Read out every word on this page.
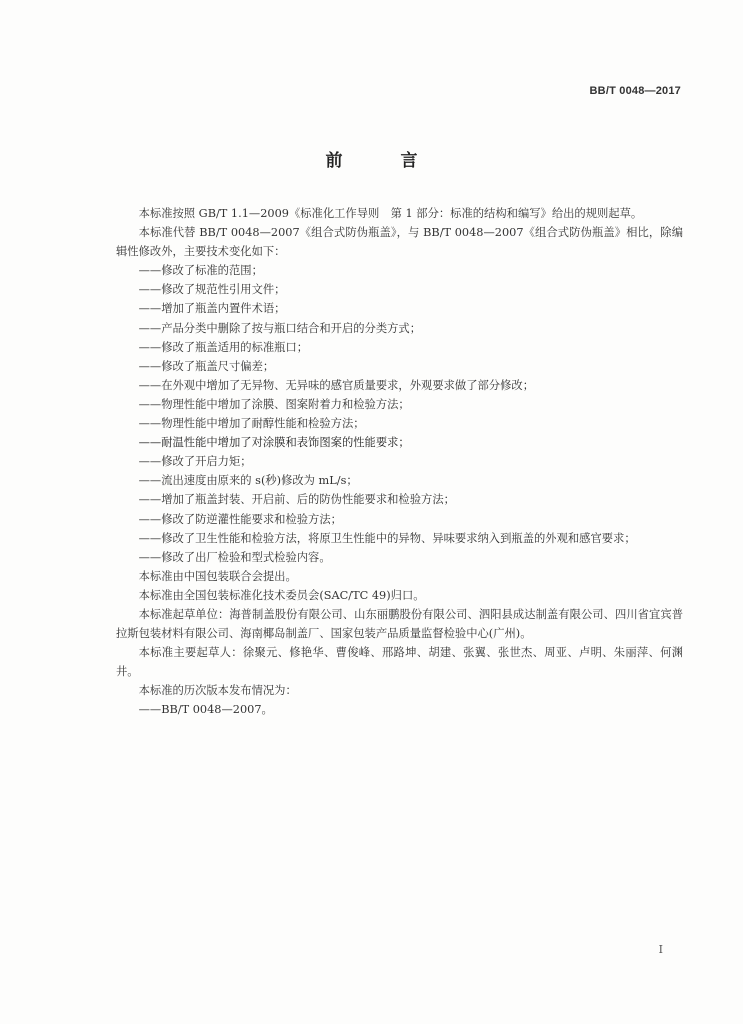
BB/T 0048—2017
前 言

本标准按照 GB/T 1.1—2009《标准化工作导则　第 1 部分：标准的结构和编写》给出的规则起草。

本标准代替 BB/T 0048—2007《组合式防伪瓶盖》，与 BB/T 0048—2007《组合式防伪瓶盖》相比，除编辑性修改外，主要技术变化如下：

——修改了标准的范围；

——修改了规范性引用文件；

——增加了瓶盖内置件术语；

——产品分类中删除了按与瓶口结合和开启的分类方式；

——修改了瓶盖适用的标准瓶口；

——修改了瓶盖尺寸偏差；

——在外观中增加了无异物、无异味的感官质量要求，外观要求做了部分修改；

——物理性能中增加了涂膜、图案附着力和检验方法；

——物理性能中增加了耐醇性能和检验方法；

——耐温性能中增加了对涂膜和表饰图案的性能要求；

——修改了开启力矩；

——流出速度由原来的 s(秒)修改为 mL/s；

——增加了瓶盖封装、开启前、后的防伪性能要求和检验方法；

——修改了防逆灌性能要求和检验方法；

——修改了卫生性能和检验方法，将原卫生性能中的异物、异味要求纳入到瓶盖的外观和感官要求；

——修改了出厂检验和型式检验内容。

本标准由中国包装联合会提出。

本标准由全国包装标准化技术委员会(SAC/TC 49)归口。

本标准起草单位：海普制盖股份有限公司、山东丽鹏股份有限公司、泗阳县成达制盖有限公司、四川省宜宾普拉斯包装材料有限公司、海南椰岛制盖厂、国家包装产品质量监督检验中心(广州)。

本标准主要起草人：徐聚元、修艳华、曹俊峰、邢路坤、胡建、张翼、张世杰、周亚、卢明、朱丽萍、何渊井。

本标准的历次版本发布情况为：

——BB/T 0048—2007。

I
